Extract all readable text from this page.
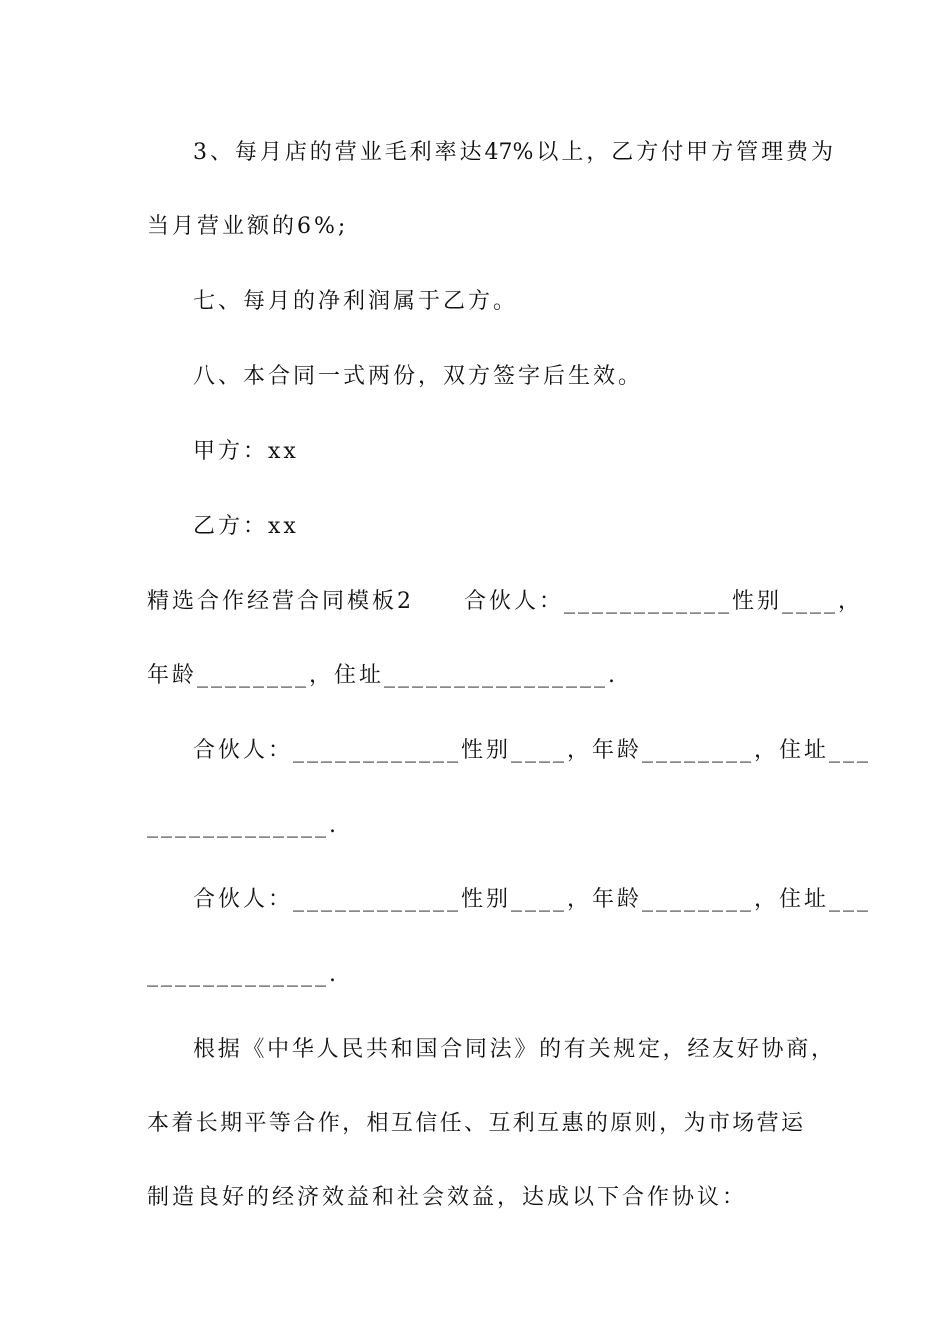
3、每月店的营业毛利率达47%以上，乙方付甲方管理费为
当月营业额的6%;
七、每月的净利润属于乙方。
八、本合同一式两份，双方签字后生效。
甲方：xx
乙方：xx
精选合作经营合同模板2　　合伙人：____________性别____，
年龄________，住址________________.
合伙人：____________性别____，年龄________，住址___
_____________.
合伙人：____________性别____，年龄________，住址___
_____________.
根据《中华人民共和国合同法》的有关规定，经友好协商，
本着长期平等合作，相互信任、互利互惠的原则，为市场营运
制造良好的经济效益和社会效益，达成以下合作协议：
